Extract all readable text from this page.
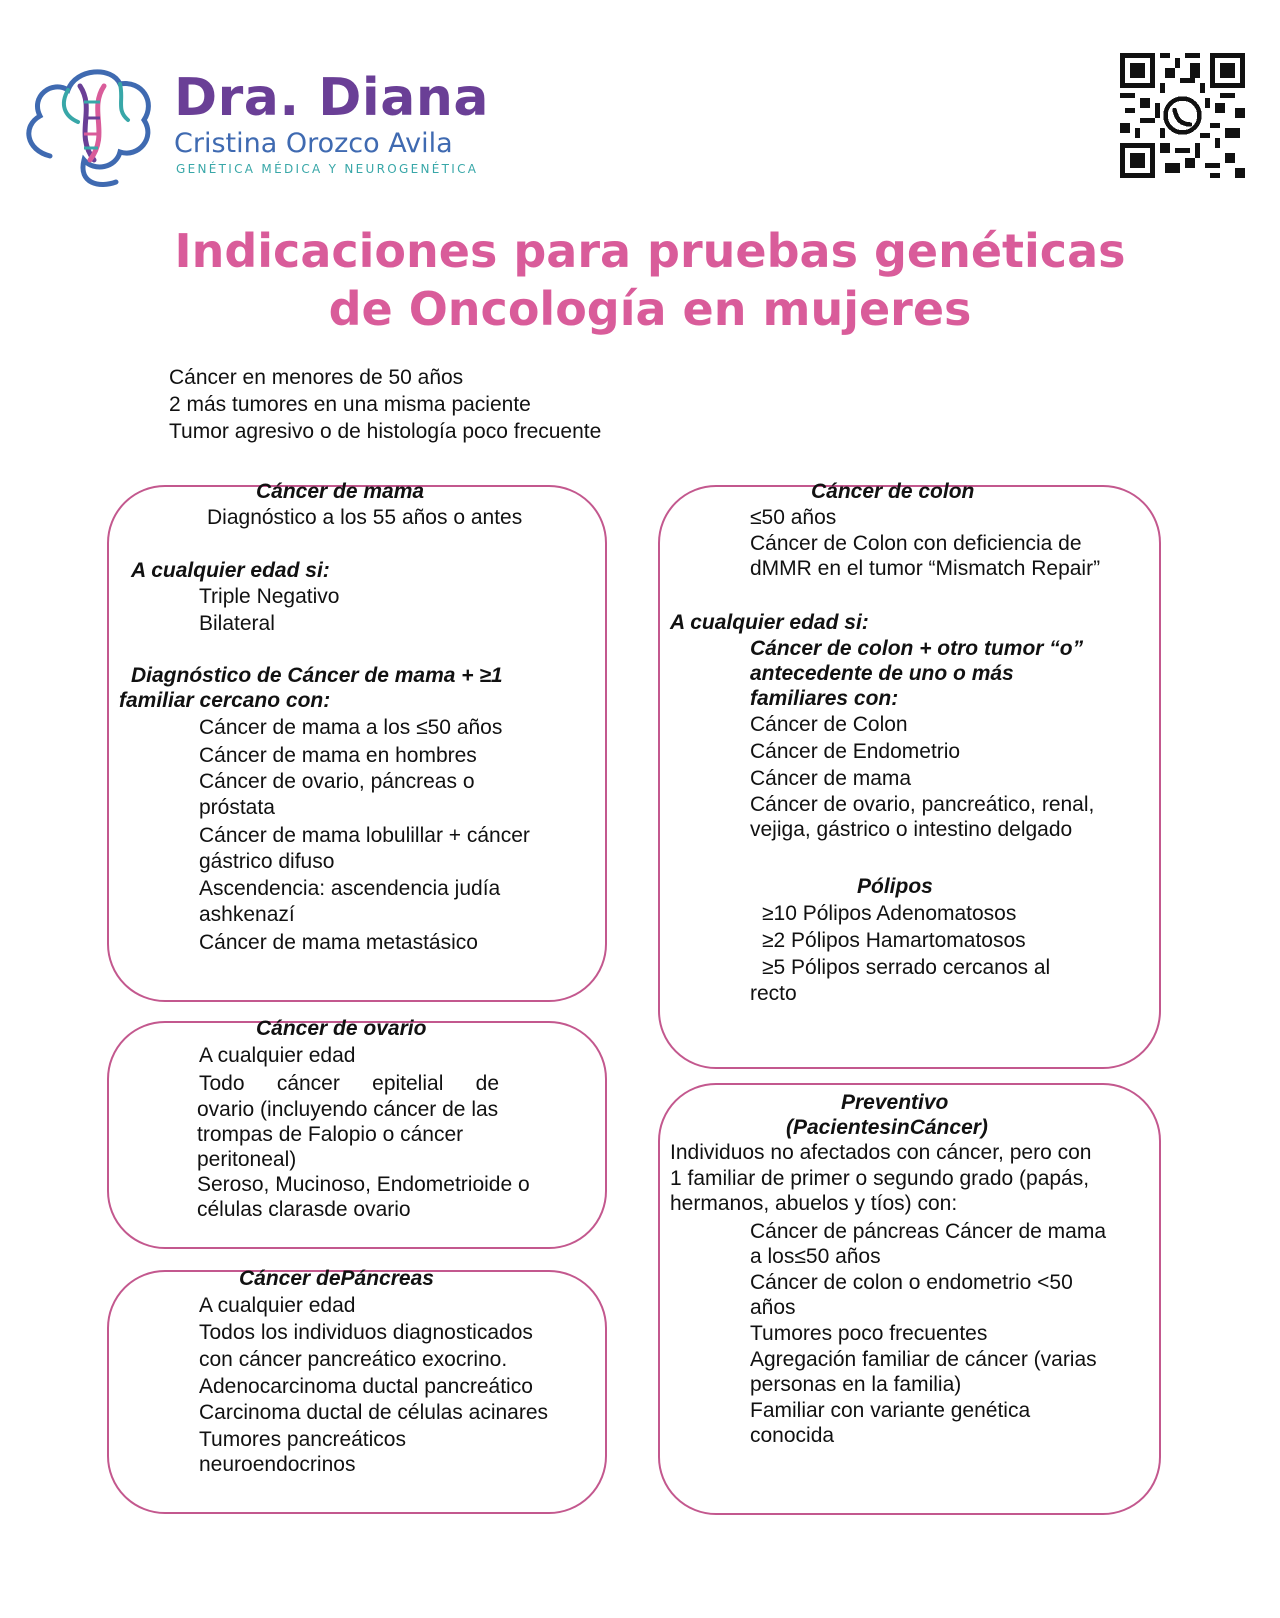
Dra. Diana
Cristina Orozco Avila
GENÉTICA MÉDICA Y NEUROGENÉTICA
Indicaciones para pruebas genéticas
de Oncología en mujeres
Cáncer en menores de 50 años
2 más tumores en una misma paciente
Tumor agresivo o de histología poco frecuente
Cáncer de mama
Diagnóstico a los 55 años o antes
A cualquier edad si:
Triple Negativo
Bilateral
Diagnóstico de Cáncer de mama + ≥1
familiar cercano con:
Cáncer de mama a los ≤50 años
Cáncer de mama en hombres
Cáncer de ovario, páncreas o
próstata
Cáncer de mama lobulillar + cáncer
gástrico difuso
Ascendencia: ascendencia judía
ashkenazí
Cáncer de mama metastásico
Cáncer de ovario
A cualquier edad
Todo cáncer epitelial de
ovario (incluyendo cáncer de las
trompas de Falopio o cáncer
peritoneal)
Seroso, Mucinoso, Endometrioide o
células clarasde ovario
Cáncer dePáncreas
A cualquier edad
Todos los individuos diagnosticados
con cáncer pancreático exocrino.
Adenocarcinoma ductal pancreático
Carcinoma ductal de células acinares
Tumores pancreáticos
neuroendocrinos
Cáncer de colon
≤50 años
Cáncer de Colon con deficiencia de
dMMR en el tumor “Mismatch Repair”
A cualquier edad si:
Cáncer de colon + otro tumor “o”
antecedente de uno o más
familiares con:
Cáncer de Colon
Cáncer de Endometrio
Cáncer de mama
Cáncer de ovario, pancreático, renal,
vejiga, gástrico o intestino delgado
Pólipos
≥10 Pólipos Adenomatosos
≥2 Pólipos Hamartomatosos
≥5 Pólipos serrado cercanos al
recto
Preventivo
(PacientesinCáncer)
Individuos no afectados con cáncer, pero con
1 familiar de primer o segundo grado (papás,
hermanos, abuelos y tíos) con:
Cáncer de páncreas Cáncer de mama
a los≤50 años
Cáncer de colon o endometrio <50
años
Tumores poco frecuentes
Agregación familiar de cáncer (varias
personas en la familia)
Familiar con variante genética
conocida
